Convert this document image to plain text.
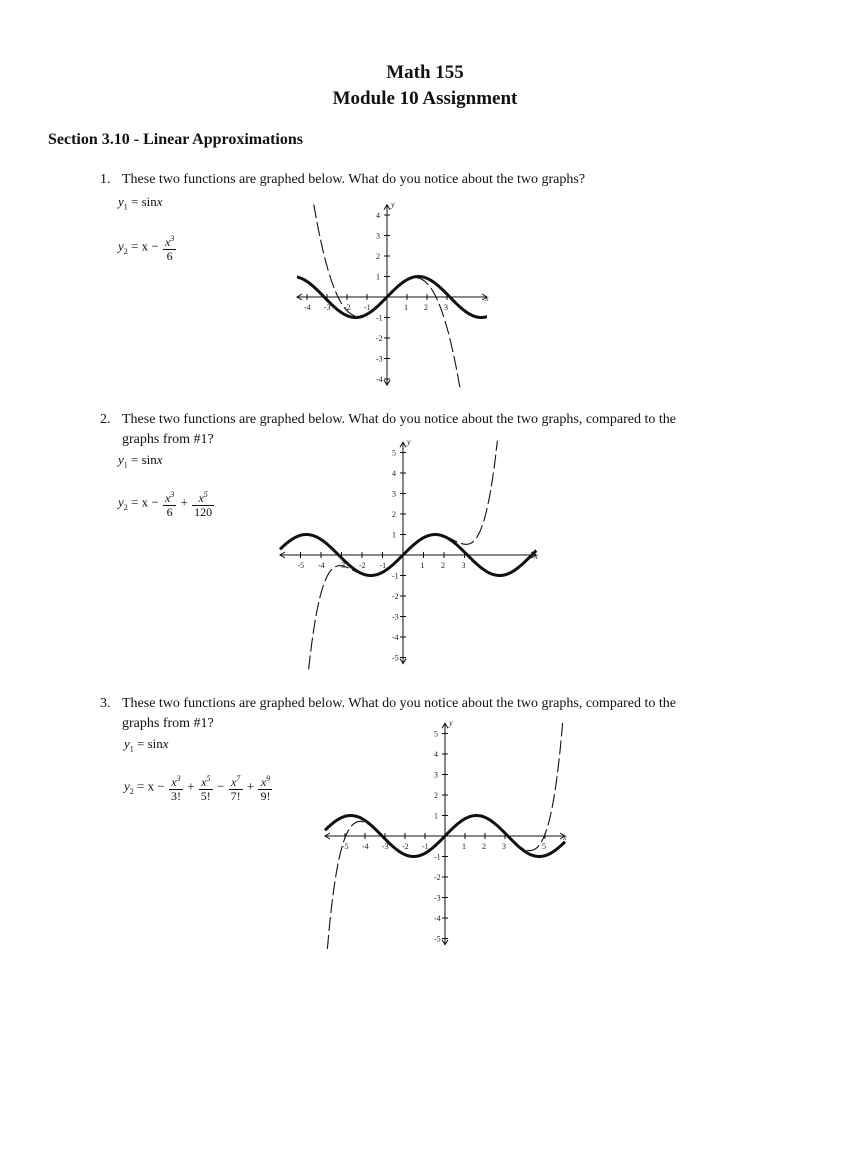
Math 155
Module 10 Assignment
Section 3.10 - Linear Approximations
1. These two functions are graphed below. What do you notice about the two graphs?
$y_1 = \sin x$
$y_2 = x - \frac{x^3}{6}$
x
y
-4 -3 -2 -1	1 2 3
4
3
2
1
-1
-2
-3
-4
2. These two functions are graphed below. What do you notice about the two graphs, compared to the
graphs from #1?
$y_1 = \sin x$
$y_2 = x - \frac{x^3}{6} + \frac{x^5}{120}$
x
y
-5 -4 -3 -2 -1	1 2 3
5
4
3
2
1
-1
-2
-3
-4
-5
3. These two functions are graphed below. What do you notice about the two graphs, compared to the
graphs from #1?
$y_1 = \sin x$
$y_2 = x - \frac{x^3}{3!} + \frac{x^5}{5!} - \frac{x^7}{7!} + \frac{x^9}{9!}$
x
y
-5 -4 -3 -2 -1	1 2 3	5
5
4
3
2
1
-1
-2
-3
-4
-5
